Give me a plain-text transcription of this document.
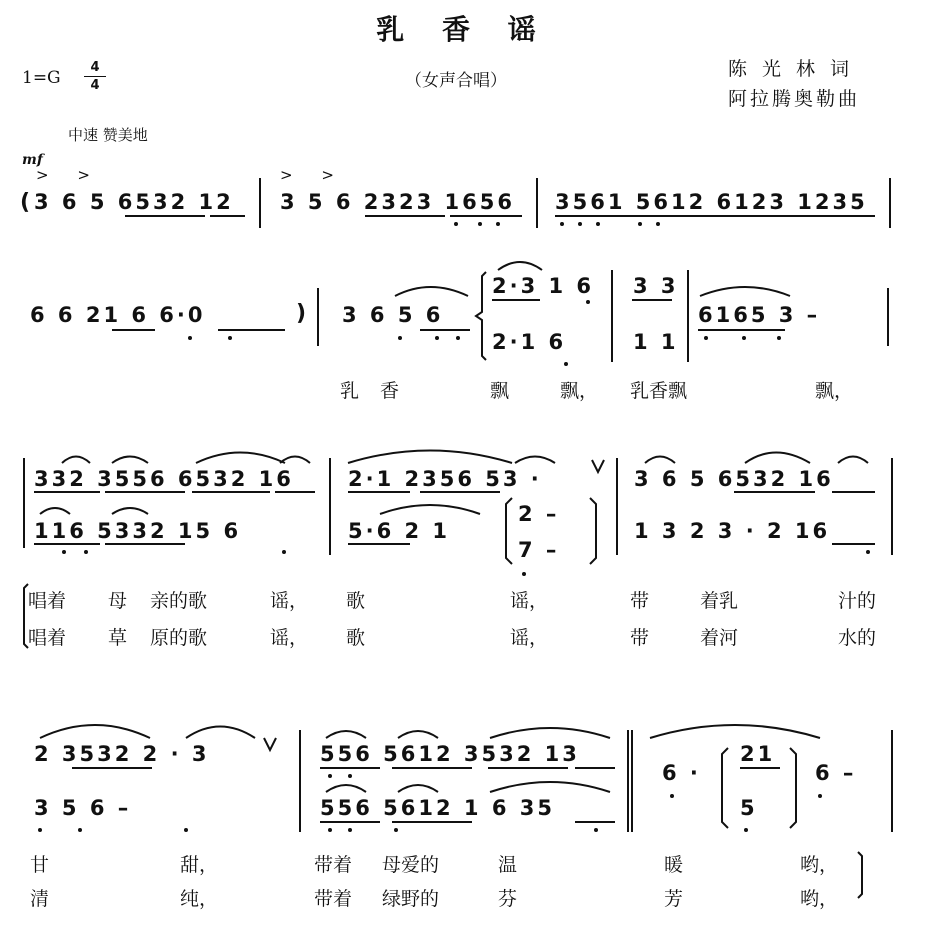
乳 香 谣
1=G
4
4	（女声合唱）
陈光林词
阿拉腾奥勒曲
中速 赞美地
mf
> >	> >
( 3 6 5 6532 12 3 5 6 2323 1656 3561 5612 6123 1235
6 6 21 6 6·0	) 3 6 5 6
2·3 1 6
2·1 6
3 3
1 1
6165 3 –
乳 香	飘	飘， 乳香飘	飘，
332 3556 6532 16
116 5332 15 6
2·1 2356 53 ·
5·6 2 1
2 –
7 –
3 6 5 6532 16
1 3 2 3 · 2 16
唱着 母 亲的歌	谣， 歌	谣，	带	着乳	汁的
唱着 草 原的歌	谣， 歌	谣，	带	着河	水的
2 3532 2 · 3
3 5 6 –
556 5612 3532 13
556 5612 1 6 35
6 ·
21
5
6 –
甘	甜，	带着 母爱的	温	暖	哟，
清	纯，	带着 绿野的	芬	芳	哟，
